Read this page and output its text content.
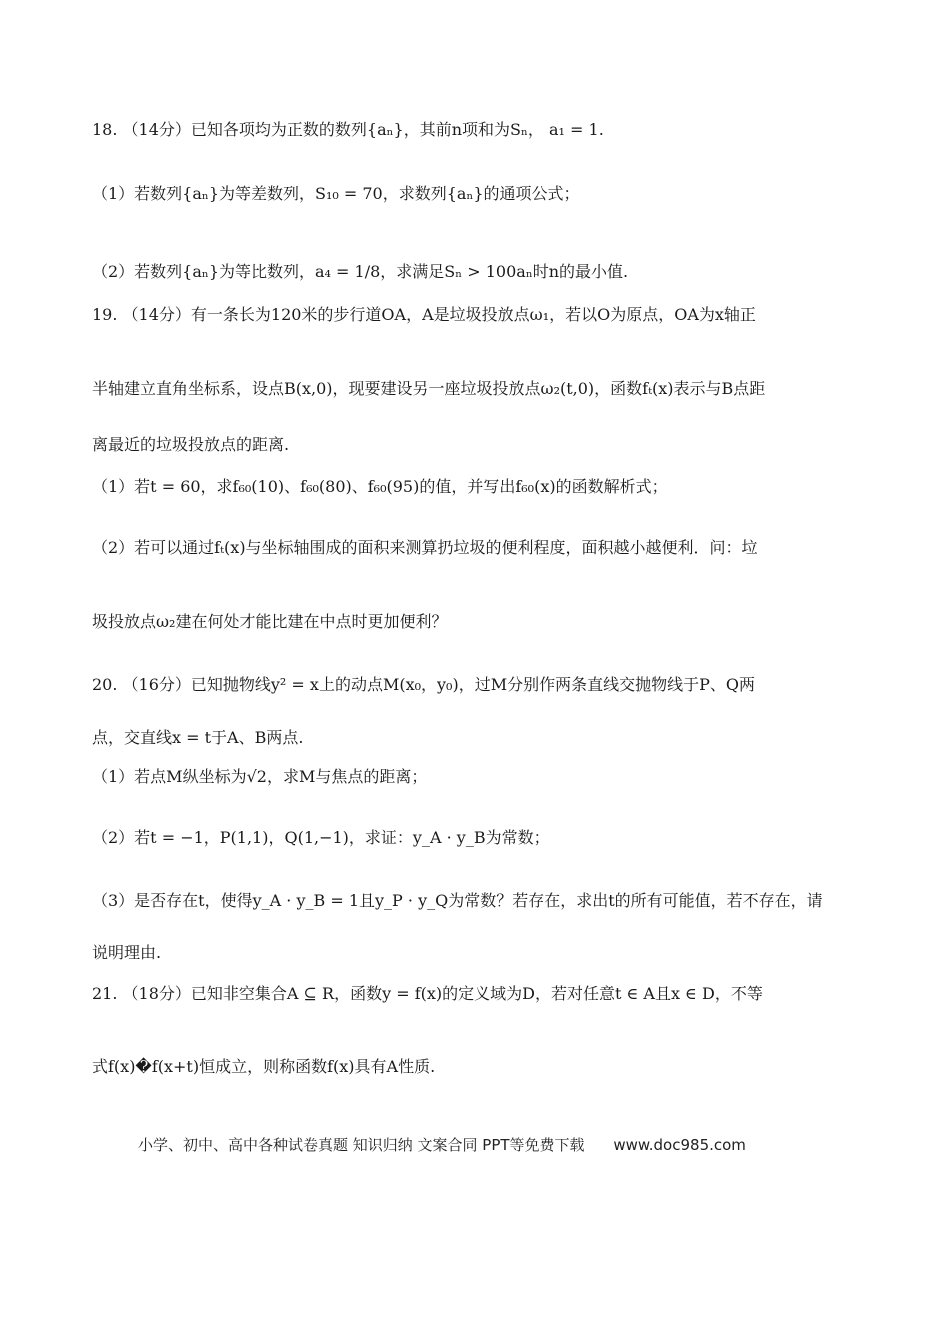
18. （14分）已知各项均为正数的数列{aₙ}，其前n项和为Sₙ， a₁ = 1.
（1）若数列{aₙ}为等差数列，S₁₀ = 70，求数列{aₙ}的通项公式；
（2）若数列{aₙ}为等比数列，a₄ = 1/8，求满足Sₙ > 100aₙ时n的最小值.
19. （14分）有一条长为120米的步行道OA，A是垃圾投放点ω₁，若以O为原点，OA为x轴正
半轴建立直角坐标系，设点B(x,0)，现要建设另一座垃圾投放点ω₂(t,0)，函数fₜ(x)表示与B点距
离最近的垃圾投放点的距离.
（1）若t = 60，求f₆₀(10)、f₆₀(80)、f₆₀(95)的值，并写出f₆₀(x)的函数解析式；
（2）若可以通过fₜ(x)与坐标轴围成的面积来测算扔垃圾的便利程度，面积越小越便利．问：垃
圾投放点ω₂建在何处才能比建在中点时更加便利？
20. （16分）已知抛物线y² = x上的动点M(x₀，y₀)，过M分别作两条直线交抛物线于P、Q两
点，交直线x = t于A、B两点.
（1）若点M纵坐标为√2，求M与焦点的距离；
（2）若t = −1，P(1,1)，Q(1,−1)，求证：y_A · y_B为常数；
（3）是否存在t，使得y_A · y_B = 1且y_P · y_Q为常数？若存在，求出t的所有可能值，若不存在，请
说明理由.
21. （18分）已知非空集合A ⊆ R，函数y = f(x)的定义域为D，若对任意t ∈ A且x ∈ D，不等
式f(x)�f(x+t)恒成立，则称函数f(x)具有A性质.
小学、初中、高中各种试卷真题 知识归纳 文案合同 PPT等免费下载 www.doc985.com
